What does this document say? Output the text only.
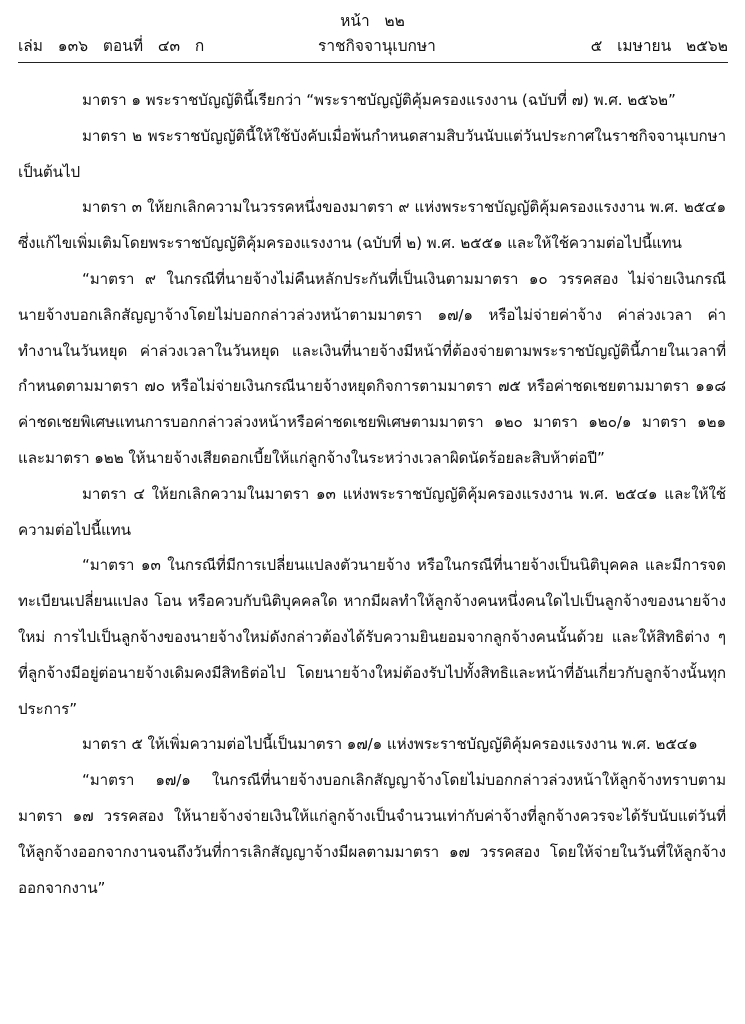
หน้า   ๒๒

เล่ม   ๑๓๖   ตอนที่   ๔๓   ก

	ราชกิจจานุเบกษา

	๕   เมษายน   ๒๕๖๒

มาตรา ๑ พระราชบัญญัตินี้เรียกว่า “พระราชบัญญัติคุ้มครองแรงงาน (ฉบับที่ ๗) พ.ศ. ๒๕๖๒”

มาตรา ๒ พระราชบัญญัตินี้ให้ใช้บังคับเมื่อพ้นกำหนดสามสิบวันนับแต่วันประกาศในราชกิจจานุเบกษาเป็นต้นไป

มาตรา ๓ ให้ยกเลิกความในวรรคหนึ่งของมาตรา ๙ แห่งพระราชบัญญัติคุ้มครองแรงงาน พ.ศ. ๒๕๔๑ ซึ่งแก้ไขเพิ่มเติมโดยพระราชบัญญัติคุ้มครองแรงงาน (ฉบับที่ ๒) พ.ศ. ๒๕๕๑ และให้ใช้ความต่อไปนี้แทน

“มาตรา ๙ ในกรณีที่นายจ้างไม่คืนหลักประกันที่เป็นเงินตามมาตรา ๑๐ วรรคสอง ไม่จ่ายเงินกรณีนายจ้างบอกเลิกสัญญาจ้างโดยไม่บอกกล่าวล่วงหน้าตามมาตรา ๑๗/๑ หรือไม่จ่ายค่าจ้าง ค่าล่วงเวลา ค่าทำงานในวันหยุด ค่าล่วงเวลาในวันหยุด และเงินที่นายจ้างมีหน้าที่ต้องจ่ายตามพระราชบัญญัตินี้ภายในเวลาที่กำหนดตามมาตรา ๗๐ หรือไม่จ่ายเงินกรณีนายจ้างหยุดกิจการตามมาตรา ๗๕ หรือค่าชดเชยตามมาตรา ๑๑๘ ค่าชดเชยพิเศษแทนการบอกกล่าวล่วงหน้าหรือค่าชดเชยพิเศษตามมาตรา ๑๒๐ มาตรา ๑๒๐/๑ มาตรา ๑๒๑ และมาตรา ๑๒๒ ให้นายจ้างเสียดอกเบี้ยให้แก่ลูกจ้างในระหว่างเวลาผิดนัดร้อยละสิบห้าต่อปี”

มาตรา ๔ ให้ยกเลิกความในมาตรา ๑๓ แห่งพระราชบัญญัติคุ้มครองแรงงาน พ.ศ. ๒๕๔๑ และให้ใช้ความต่อไปนี้แทน

“มาตรา ๑๓ ในกรณีที่มีการเปลี่ยนแปลงตัวนายจ้าง หรือในกรณีที่นายจ้างเป็นนิติบุคคล และมีการจดทะเบียนเปลี่ยนแปลง โอน หรือควบกับนิติบุคคลใด หากมีผลทำให้ลูกจ้างคนหนึ่งคนใดไปเป็นลูกจ้างของนายจ้างใหม่ การไปเป็นลูกจ้างของนายจ้างใหม่ดังกล่าวต้องได้รับความยินยอมจากลูกจ้างคนนั้นด้วย และให้สิทธิต่าง ๆ ที่ลูกจ้างมีอยู่ต่อนายจ้างเดิมคงมีสิทธิต่อไป โดยนายจ้างใหม่ต้องรับไปทั้งสิทธิและหน้าที่อันเกี่ยวกับลูกจ้างนั้นทุกประการ”

มาตรา ๕ ให้เพิ่มความต่อไปนี้เป็นมาตรา ๑๗/๑ แห่งพระราชบัญญัติคุ้มครองแรงงาน พ.ศ. ๒๕๔๑

“มาตรา ๑๗/๑ ในกรณีที่นายจ้างบอกเลิกสัญญาจ้างโดยไม่บอกกล่าวล่วงหน้าให้ลูกจ้างทราบตามมาตรา ๑๗ วรรคสอง ให้นายจ้างจ่ายเงินให้แก่ลูกจ้างเป็นจำนวนเท่ากับค่าจ้างที่ลูกจ้างควรจะได้รับนับแต่วันที่ให้ลูกจ้างออกจากงานจนถึงวันที่การเลิกสัญญาจ้างมีผลตามมาตรา ๑๗ วรรคสอง โดยให้จ่ายในวันที่ให้ลูกจ้างออกจากงาน”
